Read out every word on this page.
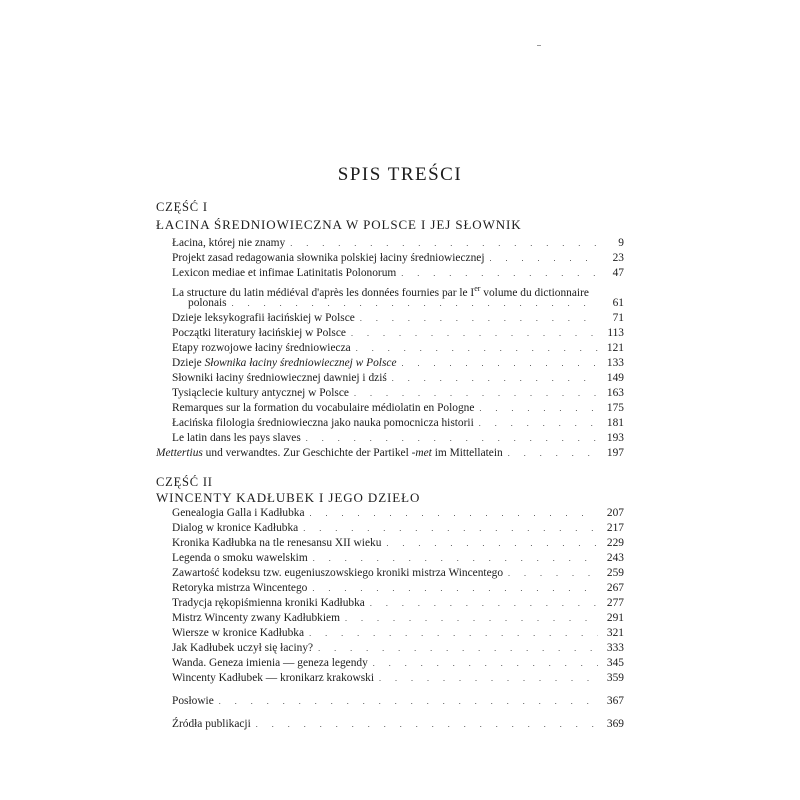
SPIS TREŚCI
CZĘŚĆ I
ŁACINA ŚREDNIOWIECZNA W POLSCE I JEJ SŁOWNIK
Łacina, której nie znamy . . .	9
Projekt zasad redagowania słownika polskiej łaciny średniowiecznej . . .	23
Lexicon mediae et infimae Latinitatis Polonorum . . .	47
La structure du latin médiéval d'après les données fournies par le Ier volume du dictionnaire
polonais . . .	61
Dzieje leksykografii łacińskiej w Polsce . . .	71
Początki literatury łacińskiej w Polsce . . .	113
Etapy rozwojowe łaciny średniowiecza . . .	121
Dzieje Słownika łaciny średniowiecznej w Polsce . . .	133
Słowniki łaciny średniowiecznej dawniej i dziś . . .	149
Tysiąclecie kultury antycznej w Polsce . . .	163
Remarques sur la formation du vocabulaire médiolatin en Pologne . . .	175
Łacińska filologia średniowieczna jako nauka pomocnicza historii . . .	181
Le latin dans les pays slaves . . .	193
Mettertius und verwandtes. Zur Geschichte der Partikel -met im Mittellatein . . .	197
CZĘŚĆ II
WINCENTY KADŁUBEK I JEGO DZIEŁO
Genealogia Galla i Kadłubka . . .	207
Dialog w kronice Kadłubka . . .	217
Kronika Kadłubka na tle renesansu XII wieku . . .	229
Legenda o smoku wawelskim . . .	243
Zawartość kodeksu tzw. eugeniuszowskiego kroniki mistrza Wincentego . . .	259
Retoryka mistrza Wincentego . . .	267
Tradycja rękopiśmienna kroniki Kadłubka . . .	277
Mistrz Wincenty zwany Kadłubkiem . . .	291
Wiersze w kronice Kadłubka . . .	321
Jak Kadłubek uczył się łaciny? . . .	333
Wanda. Geneza imienia — geneza legendy . . .	345
Wincenty Kadłubek — kronikarz krakowski . . .	359
Posłowie . . .	367
Źródła publikacji . . .	369
